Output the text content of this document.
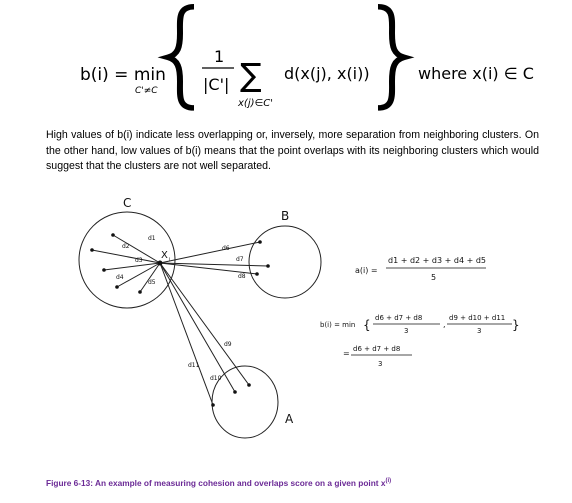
b(i) = min
C'≠C
1
|C'| ∑
x(j)∈C'
d(x(j), x(i))	where x(i) ∈ C
High values of b(i) indicate less overlapping or, inversely, more separation from neighboring clusters. On the other hand, low values of b(i) means that the point overlaps with its neighboring clusters which would suggest that the clusters are not well separated.
C
B
A
X i
d1
d2
d3
d4
d5
d6
d7
d8
d9
d10
d11
a(i) =
d1 + d2 + d3 + d4 + d5
5
b(i) = min { d6 + d7 + d8
3
,
d9 + d10 + d11
3	}
= d6 + d7 + d8
3
Figure 6-13: An example of measuring cohesion and overlaps score on a given point $x^{(i)}$
